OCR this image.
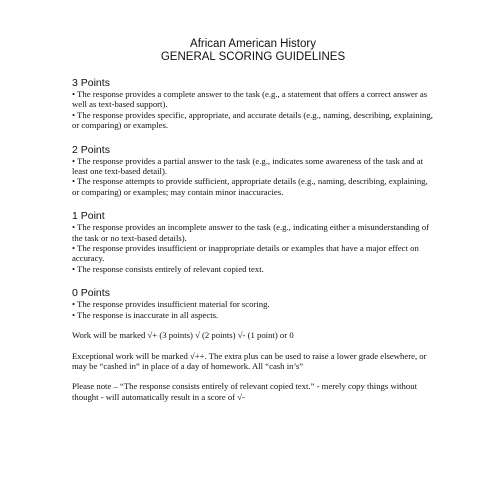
African American History

GENERAL SCORING GUIDELINES

3 Points

• The response provides a complete answer to the task (e.g., a statement that offers a correct answer as well as text-based support).

• The response provides specific, appropriate, and accurate details (e.g., naming, describing, explaining, or comparing) or examples.

2 Points

• The response provides a partial answer to the task (e.g., indicates some awareness of the task and at least one text-based detail).

• The response attempts to provide sufficient, appropriate details (e.g., naming, describing, explaining, or comparing) or examples; may contain minor inaccuracies.

1 Point

• The response provides an incomplete answer to the task (e.g., indicating either a misunderstanding of the task or no text-based details).

• The response provides insufficient or inappropriate details or examples that have a major effect on accuracy.

• The response consists entirely of relevant copied text.

0 Points

• The response provides insufficient material for scoring.

• The response is inaccurate in all aspects.

Work will be marked √+ (3 points) √ (2 points) √- (1 point) or 0

Exceptional work will be marked √++. The extra plus can be used to raise a lower grade elsewhere, or may be “cashed in” in place of a day of homework. All “cash in’s”

Please note – “The response consists entirely of relevant copied text.” - merely copy things without thought - will automatically result in a score of √-
